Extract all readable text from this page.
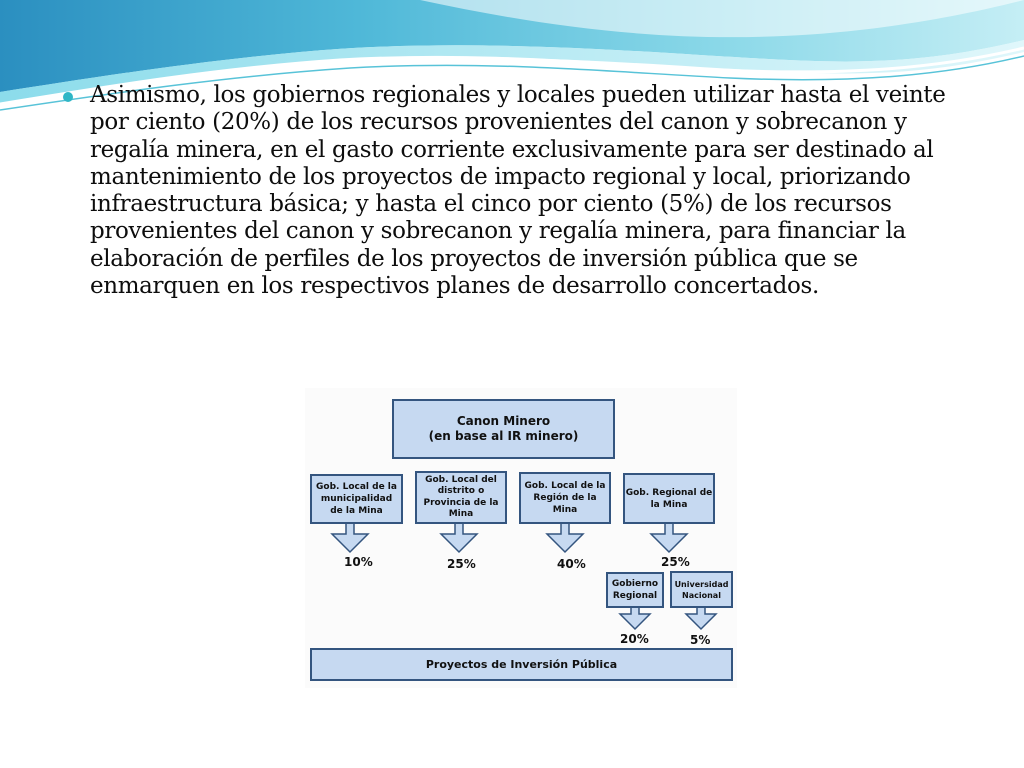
Asimismo, los gobiernos regionales y locales pueden utilizar hasta el veinte por ciento (20%) de los recursos provenientes del canon y sobrecanon y regalía minera, en el gasto corriente exclusivamente para ser destinado al mantenimiento de los proyectos de impacto regional y local, priorizando infraestructura básica; y hasta el cinco por ciento (5%) de los recursos provenientes del canon y sobrecanon y regalía minera, para financiar la elaboración de perfiles de los proyectos de inversión pública que se enmarquen en los respectivos planes de desarrollo concertados.

Canon Minero
(en base al IR minero)
Gob. Local de la
municipalidad
de la Mina
Gob. Local del
distrito o
Provincia de la
Mina
Gob. Local de la
Región de la
Mina
Gob. Regional de
la Mina
10%	25%	40%	25%
Gobierno
Regional
Universidad
Nacional
20%	5%
Proyectos de Inversión Pública
